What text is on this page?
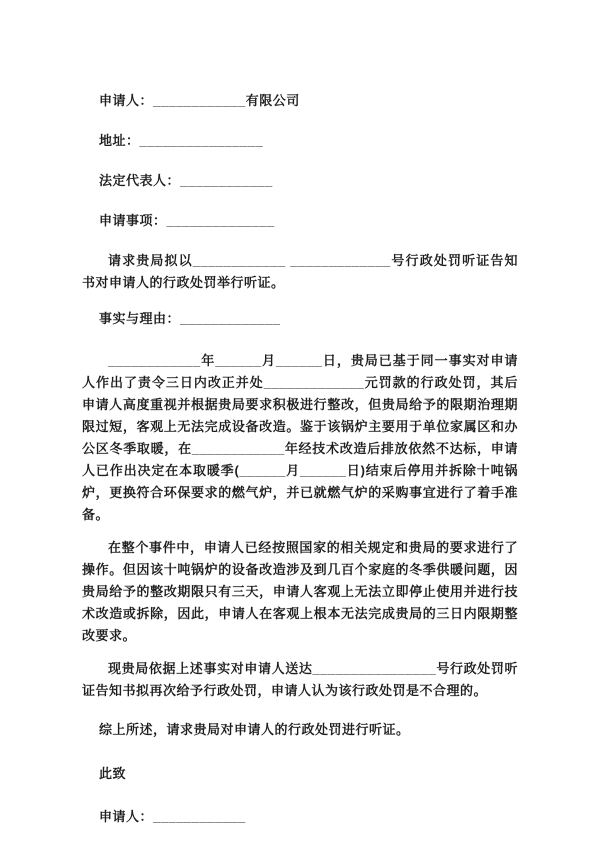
申请人：____________有限公司
地址：________________
法定代表人：____________
申请事项：______________
请求贵局拟以____________ _____________号行政处罚听证告知书对申请人的行政处罚举行听证。
事实与理由：_____________
____________年______月______日，贵局已基于同一事实对申请人作出了责令三日内改正并处_____________元罚款的行政处罚，其后申请人高度重视并根据贵局要求积极进行整改，但贵局给予的限期治理期限过短，客观上无法完成设备改造。鉴于该锅炉主要用于单位家属区和办公区冬季取暖，在____________年经技术改造后排放依然不达标，申请人已作出决定在本取暖季(______月______日)结束后停用并拆除十吨锅炉，更换符合环保要求的燃气炉，并已就燃气炉的采购事宜进行了着手准备。
在整个事件中，申请人已经按照国家的相关规定和贵局的要求进行了操作。但因该十吨锅炉的设备改造涉及到几百个家庭的冬季供暖问题，因贵局给予的整改期限只有三天，申请人客观上无法立即停止使用并进行技术改造或拆除，因此，申请人在客观上根本无法完成贵局的三日内限期整改要求。
现贵局依据上述事实对申请人送达________________号行政处罚听证告知书拟再次给予行政处罚，申请人认为该行政处罚是不合理的。
综上所述，请求贵局对申请人的行政处罚进行听证。
此致
申请人：____________
